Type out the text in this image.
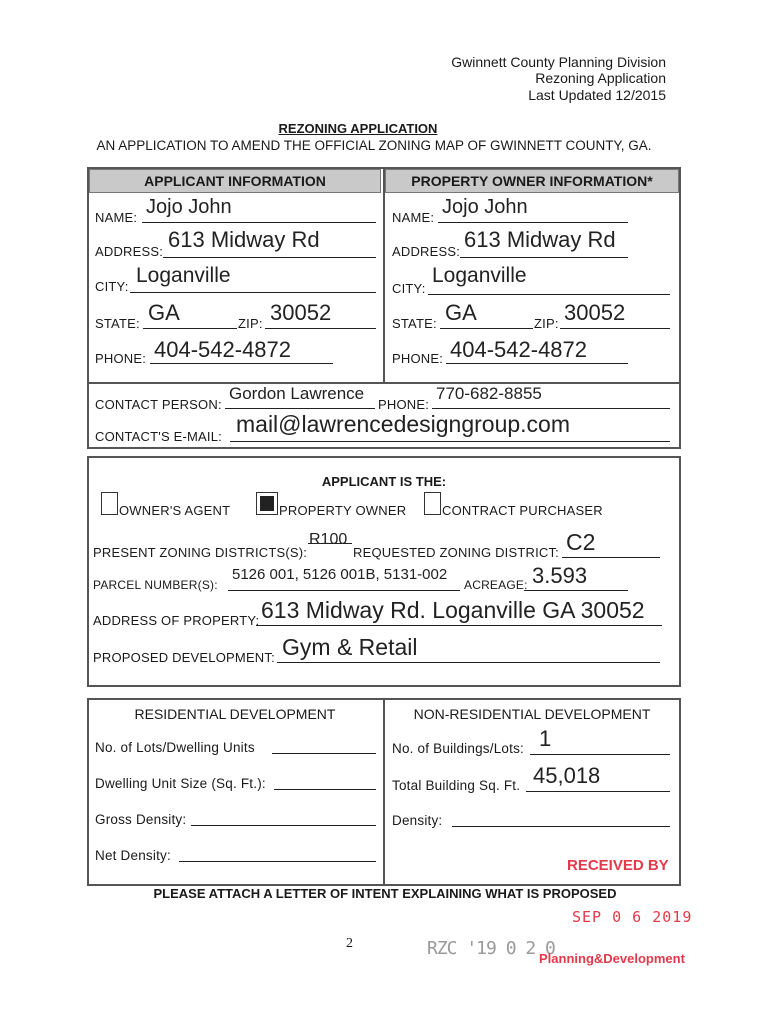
Gwinnett County Planning Division
Rezoning Application
Last Updated 12/2015
REZONING APPLICATION
AN APPLICATION TO AMEND THE OFFICIAL ZONING MAP OF GWINNETT COUNTY, GA.
APPLICANT INFORMATION	PROPERTY OWNER INFORMATION*
NAME: Jojo John
ADDRESS: 613 Midway Rd
CITY: Loganville
STATE: GA	ZIP: 30052
PHONE: 404-542-4872
NAME: Jojo John
ADDRESS: 613 Midway Rd
CITY:
Loganville
STATE: GA	ZIP: 30052
PHONE: 404-542-4872
CONTACT PERSON:
Gordon Lawrence
PHONE:
770-682-8855
CONTACT'S E-MAIL: mail@lawrencedesigngroup.com
APPLICANT IS THE:
OWNER'S AGENT	PROPERTY OWNER	CONTRACT PURCHASER
PRESENT ZONING DISTRICTS(S):
R100
REQUESTED ZONING DISTRICT: C2
PARCEL NUMBER(S):
5126 001, 5126 001B, 5131-002
ACREAGE: 3.593
ADDRESS OF PROPERTY: 613 Midway Rd. Loganville GA 30052
PROPOSED DEVELOPMENT: Gym & Retail
RESIDENTIAL DEVELOPMENT	NON-RESIDENTIAL DEVELOPMENT
No. of Lots/Dwelling Units
Dwelling Unit Size (Sq. Ft.):
Gross Density:
Net Density:
No. of Buildings/Lots: 1
Total Building Sq. Ft. 45,018
Density:
RECEIVED BY
PLEASE ATTACH A LETTER OF INTENT EXPLAINING WHAT IS PROPOSED
SEP 0 6 2019
2	RZC '19 0 2 0
Planning&Development
